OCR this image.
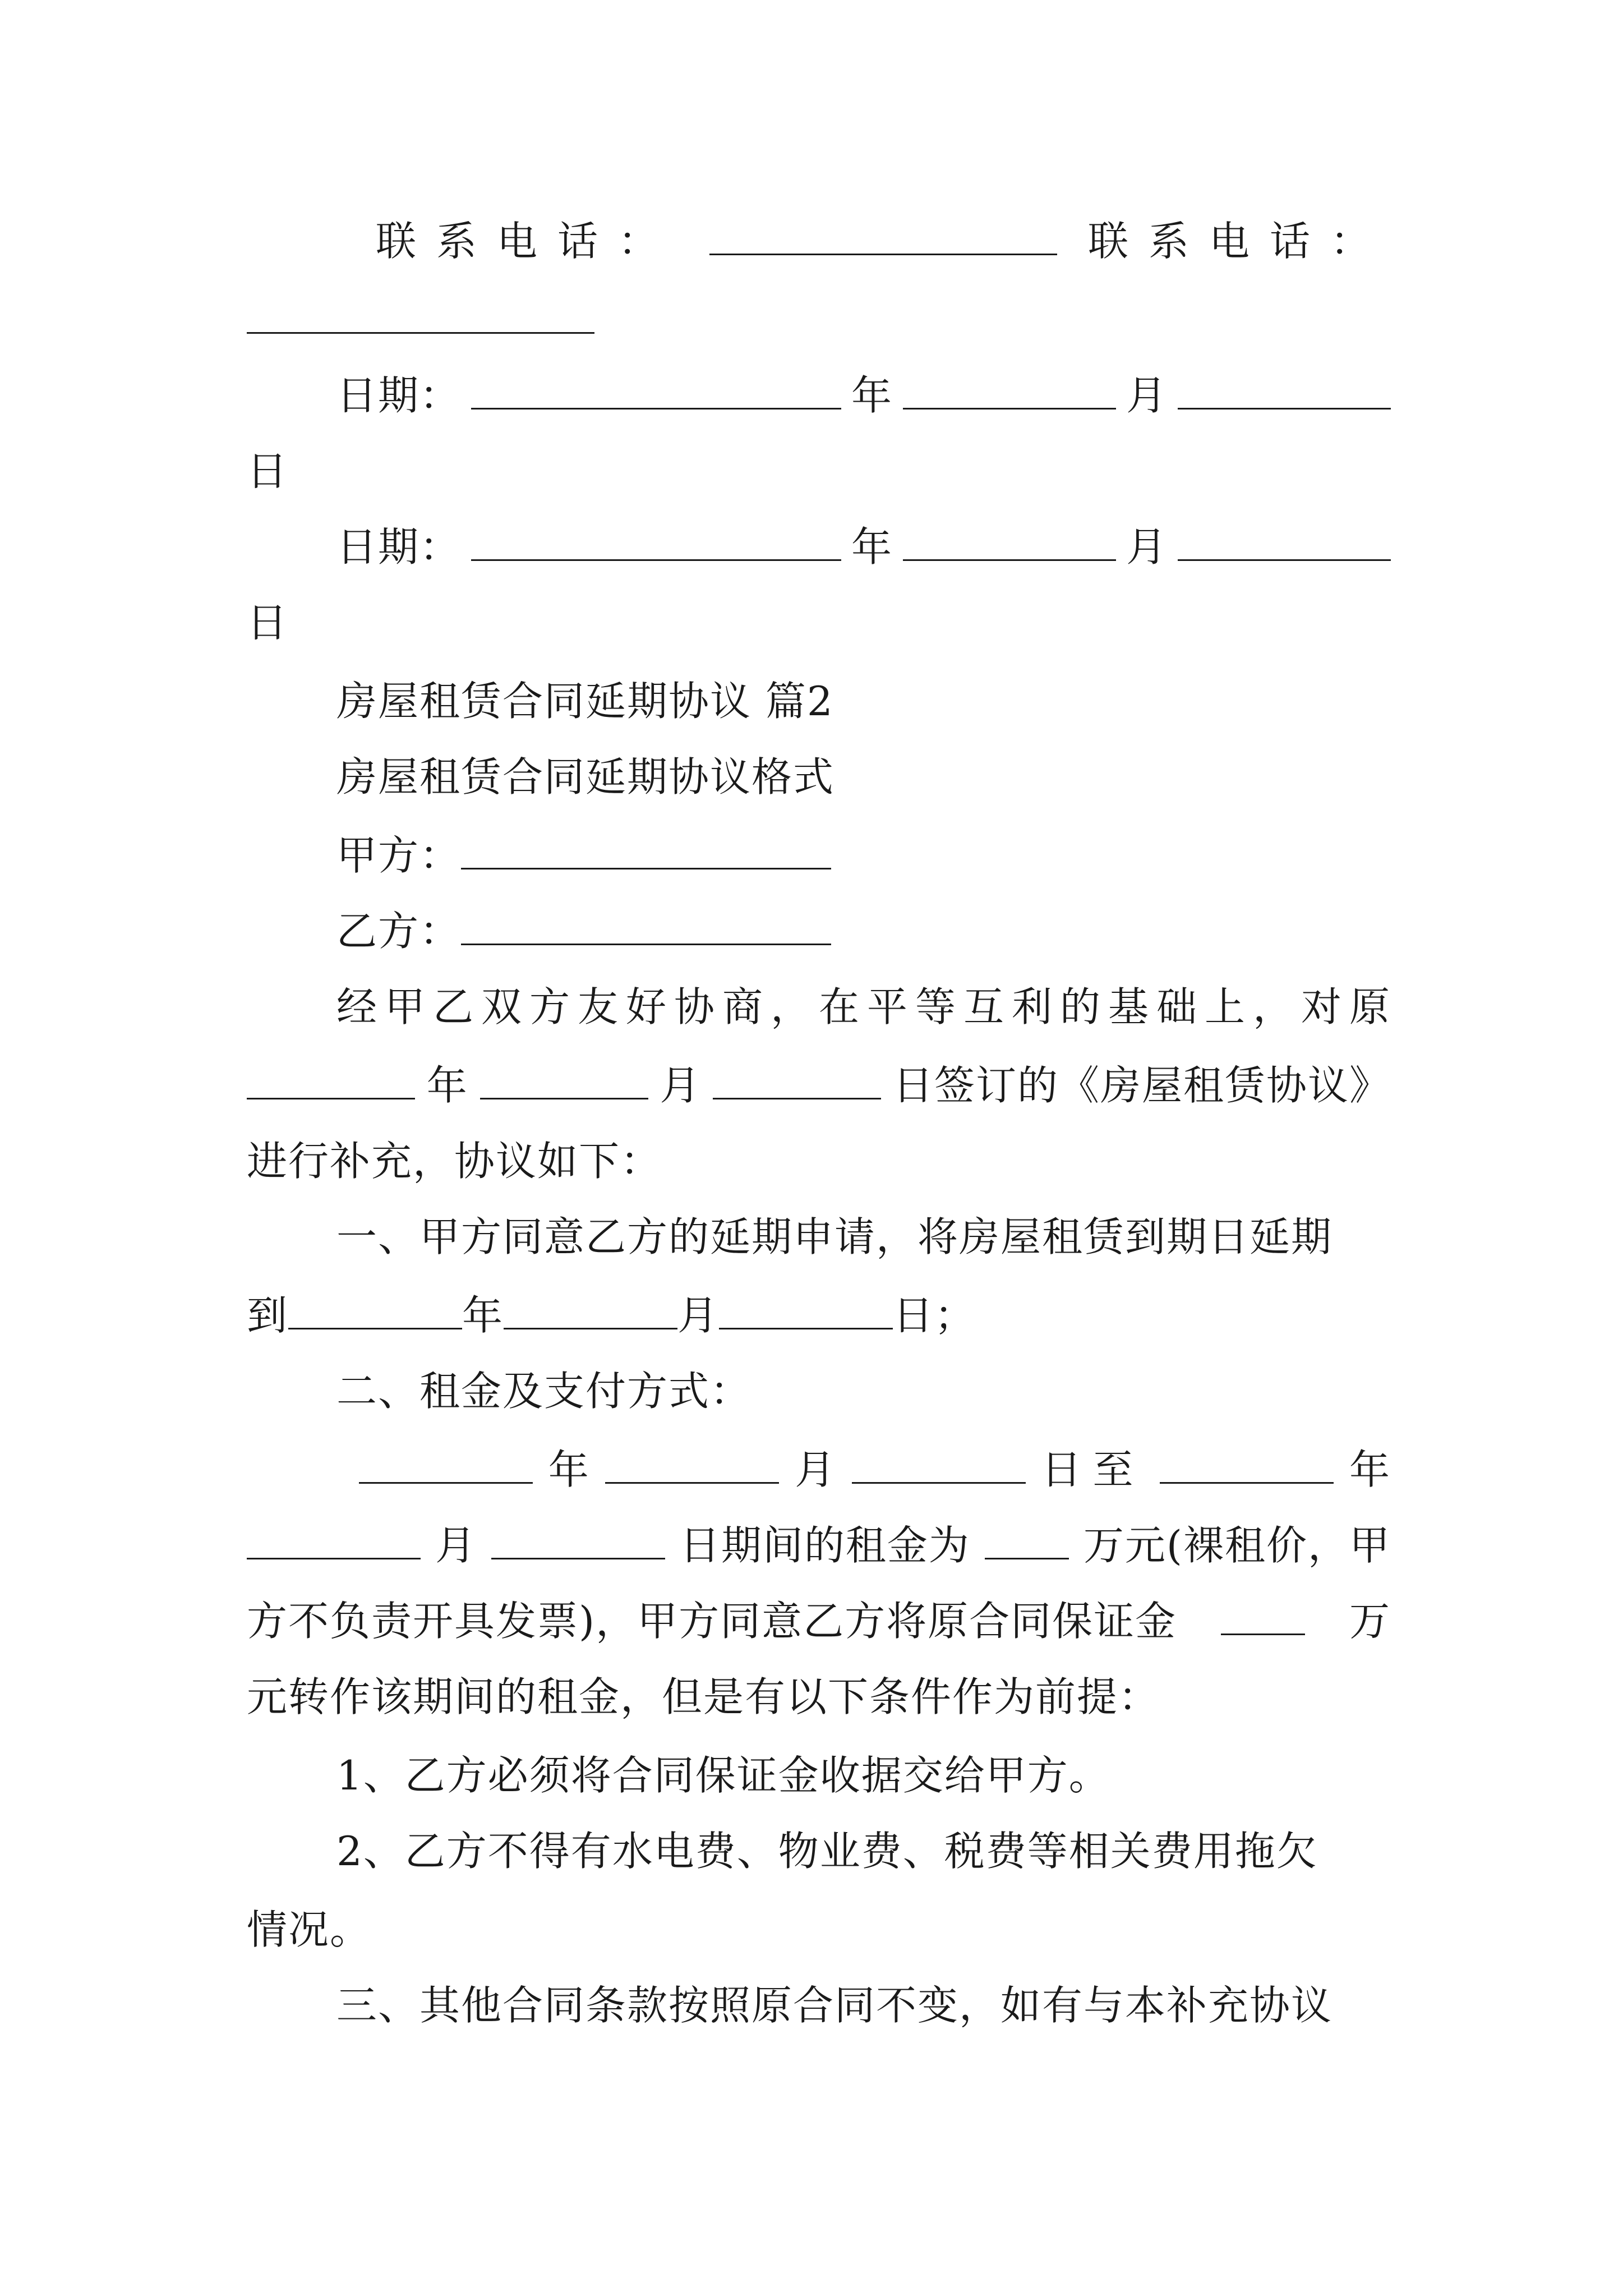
联系电话：	联系电话：
日期：	年	月
日
日期：	年	月
日
房屋租赁合同延期协议 篇2
房屋租赁合同延期协议格式
甲方：
乙方：
经甲乙双方友好协商，在平等互利的基础上，对原
年	月	日签订的《房屋租赁协议》
进行补充，协议如下：
一、甲方同意乙方的延期申请，将房屋租赁到期日延期
到	年	月	日；
二、租金及支付方式：
年	月	日至	年
月	日期间的租金为	万元(裸租价，甲
方不负责开具发票)，甲方同意乙方将原合同保证金	万
元转作该期间的租金，但是有以下条件作为前提：
1、乙方必须将合同保证金收据交给甲方。
2、乙方不得有水电费、物业费、税费等相关费用拖欠
情况。
三、其他合同条款按照原合同不变，如有与本补充协议
